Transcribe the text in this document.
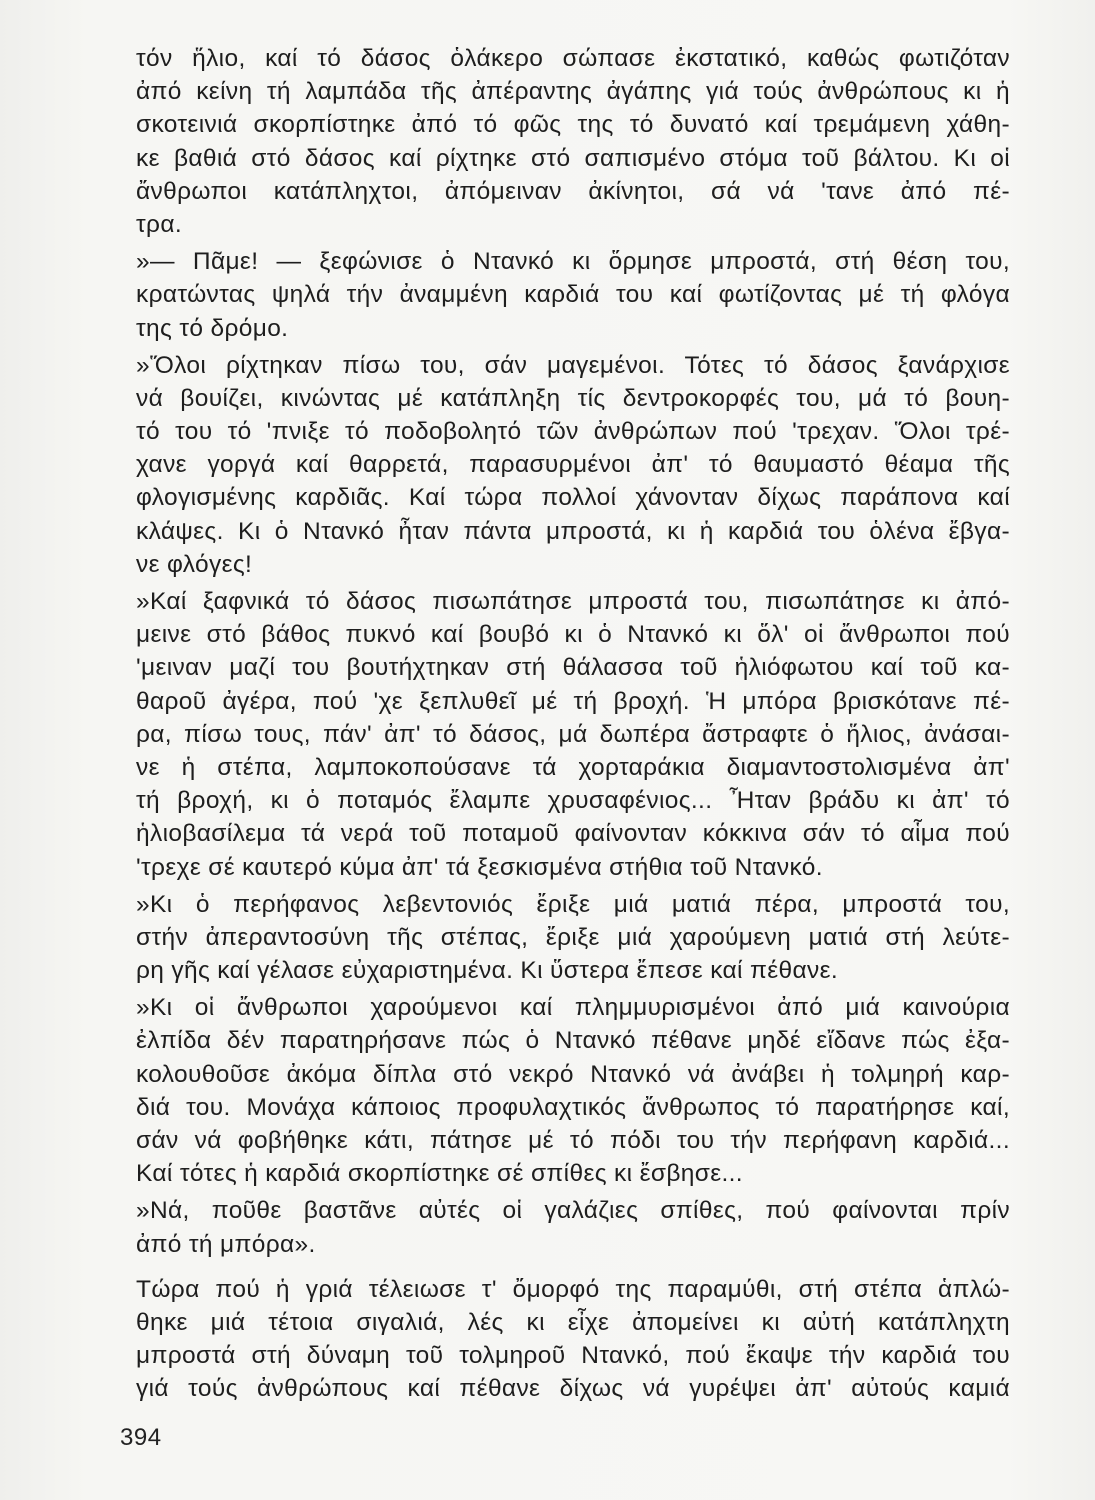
τόν ἥλιο, καί τό δάσος ὁλάκερο σώπασε ἐκστατικό, καθώς φωτιζόταν
ἀπό κείνη τή λαμπάδα τῆς ἀπέραντης ἀγάπης γιά τούς ἀνθρώπους κι ἡ
σκοτεινιά σκορπίστηκε ἀπό τό φῶς της τό δυνατό καί τρεμάμενη χάθη-
κε βαθιά στό δάσος καί ρίχτηκε στό σαπισμένο στόμα τοῦ βάλτου. Κι οἱ
ἄνθρωποι κατάπληχτοι, ἀπόμειναν ἀκίνητοι, σά νά 'τανε ἀπό πέ-
τρα.
»— Πᾶμε! — ξεφώνισε ὁ Ντανκό κι ὅρμησε μπροστά, στή θέση του,
κρατώντας ψηλά τήν ἀναμμένη καρδιά του καί φωτίζοντας μέ τή φλόγα
της τό δρόμο.
»Ὅλοι ρίχτηκαν πίσω του, σάν μαγεμένοι. Τότες τό δάσος ξανάρχισε
νά βουίζει, κινώντας μέ κατάπληξη τίς δεντροκορφές του, μά τό βουη-
τό του τό 'πνιξε τό ποδοβολητό τῶν ἀνθρώπων πού 'τρεχαν. Ὅλοι τρέ-
χανε γοργά καί θαρρετά, παρασυρμένοι ἀπ' τό θαυμαστό θέαμα τῆς
φλογισμένης καρδιᾶς. Καί τώρα πολλοί χάνονταν δίχως παράπονα καί
κλάψες. Κι ὁ Ντανκό ἦταν πάντα μπροστά, κι ἡ καρδιά του ὁλένα ἔβγα-
νε φλόγες!
»Καί ξαφνικά τό δάσος πισωπάτησε μπροστά του, πισωπάτησε κι ἀπό-
μεινε στό βάθος πυκνό καί βουβό κι ὁ Ντανκό κι ὅλ' οἱ ἄνθρωποι πού
'μειναν μαζί του βουτήχτηκαν στή θάλασσα τοῦ ἡλιόφωτου καί τοῦ κα-
θαροῦ ἀγέρα, πού 'χε ξεπλυθεῖ μέ τή βροχή. Ἡ μπόρα βρισκότανε πέ-
ρα, πίσω τους, πάν' ἀπ' τό δάσος, μά δωπέρα ἄστραφτε ὁ ἥλιος, ἀνάσαι-
νε ἡ στέπα, λαμποκοπούσανε τά χορταράκια διαμαντοστολισμένα ἀπ'
τή βροχή, κι ὁ ποταμός ἔλαμπε χρυσαφένιος... Ἦταν βράδυ κι ἀπ' τό
ἡλιοβασίλεμα τά νερά τοῦ ποταμοῦ φαίνονταν κόκκινα σάν τό αἷμα πού
'τρεχε σέ καυτερό κύμα ἀπ' τά ξεσκισμένα στήθια τοῦ Ντανκό.
»Κι ὁ περήφανος λεβεντονιός ἔριξε μιά ματιά πέρα, μπροστά του,
στήν ἀπεραντοσύνη τῆς στέπας, ἔριξε μιά χαρούμενη ματιά στή λεύτε-
ρη γῆς καί γέλασε εὐχαριστημένα. Κι ὕστερα ἔπεσε καί πέθανε.
»Κι οἱ ἄνθρωποι χαρούμενοι καί πλημμυρισμένοι ἀπό μιά καινούρια
ἐλπίδα δέν παρατηρήσανε πώς ὁ Ντανκό πέθανε μηδέ εἴδανε πώς ἐξα-
κολουθοῦσε ἀκόμα δίπλα στό νεκρό Ντανκό νά ἀνάβει ἡ τολμηρή καρ-
διά του. Μονάχα κάποιος προφυλαχτικός ἄνθρωπος τό παρατήρησε καί,
σάν νά φοβήθηκε κάτι, πάτησε μέ τό πόδι του τήν περήφανη καρδιά...
Καί τότες ἡ καρδιά σκορπίστηκε σέ σπίθες κι ἔσβησε...
»Νά, ποῦθε βαστᾶνε αὐτές οἱ γαλάζιες σπίθες, πού φαίνονται πρίν
ἀπό τή μπόρα».
Τώρα πού ἡ γριά τέλειωσε τ' ὄμορφό της παραμύθι, στή στέπα ἁπλώ-
θηκε μιά τέτοια σιγαλιά, λές κι εἶχε ἀπομείνει κι αὐτή κατάπληχτη
μπροστά στή δύναμη τοῦ τολμηροῦ Ντανκό, πού ἔκαψε τήν καρδιά του
γιά τούς ἀνθρώπους καί πέθανε δίχως νά γυρέψει ἀπ' αὐτούς καμιά
394
